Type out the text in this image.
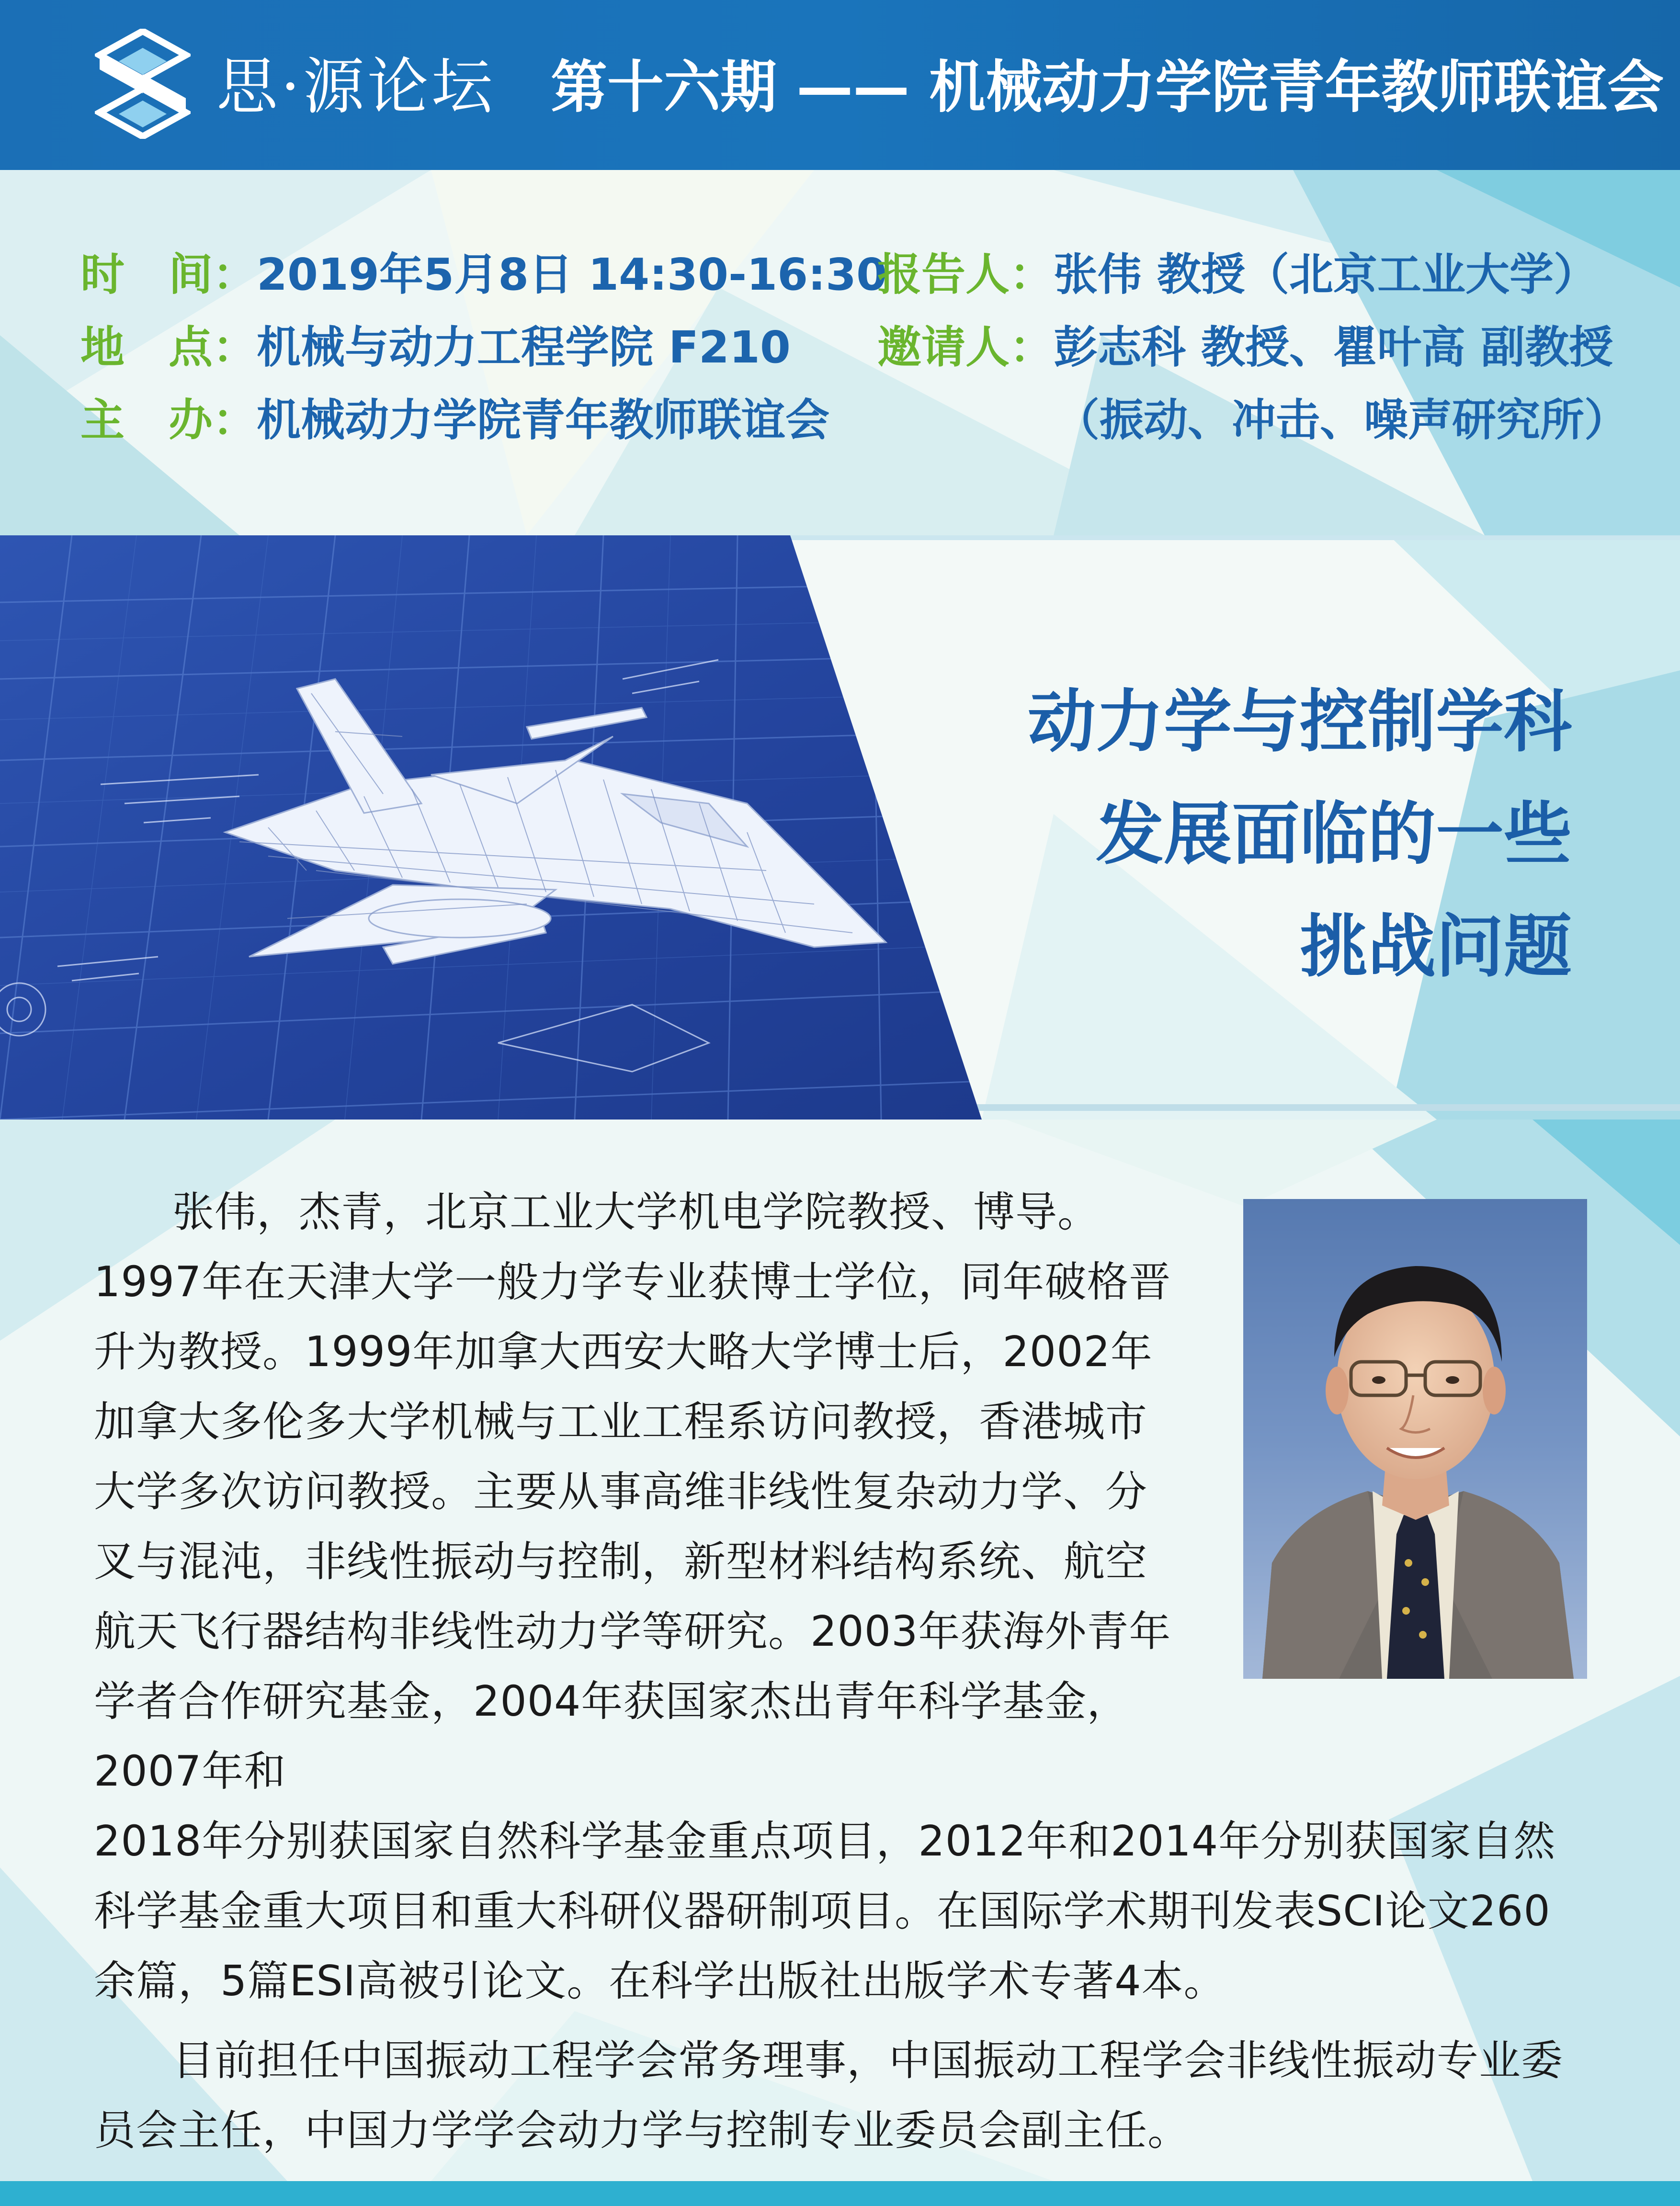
思·源论坛 第十六期 —— 机械动力学院青年教师联谊会
时　间：2019年5月8日 14:30-16:30
地　点：机械与动力工程学院 F210
主　办：机械动力学院青年教师联谊会
报告人：张伟 教授（北京工业大学）
邀请人：彭志科 教授、瞿叶高 副教授
（振动、冲击、噪声研究所）
动力学与控制学科
发展面临的一些
挑战问题

张伟，杰青，北京工业大学机电学院教授、博导。1997年在天津大学一般力学专业获博士学位，同年破格晋升为教授。1999年加拿大西安大略大学博士后，2002年加拿大多伦多大学机械与工业工程系访问教授，香港城市大学多次访问教授。主要从事高维非线性复杂动力学、分叉与混沌，非线性振动与控制，新型材料结构系统、航空航天飞行器结构非线性动力学等研究。2003年获海外青年学者合作研究基金，2004年获国家杰出青年科学基金，2007年和

2018年分别获国家自然科学基金重点项目，2012年和2014年分别获国家自然科学基金重大项目和重大科研仪器研制项目。在国际学术期刊发表SCI论文260余篇，5篇ESI高被引论文。在科学出版社出版学术专著4本。

目前担任中国振动工程学会常务理事，中国振动工程学会非线性振动专业委员会主任，中国力学学会动力学与控制专业委员会副主任。
